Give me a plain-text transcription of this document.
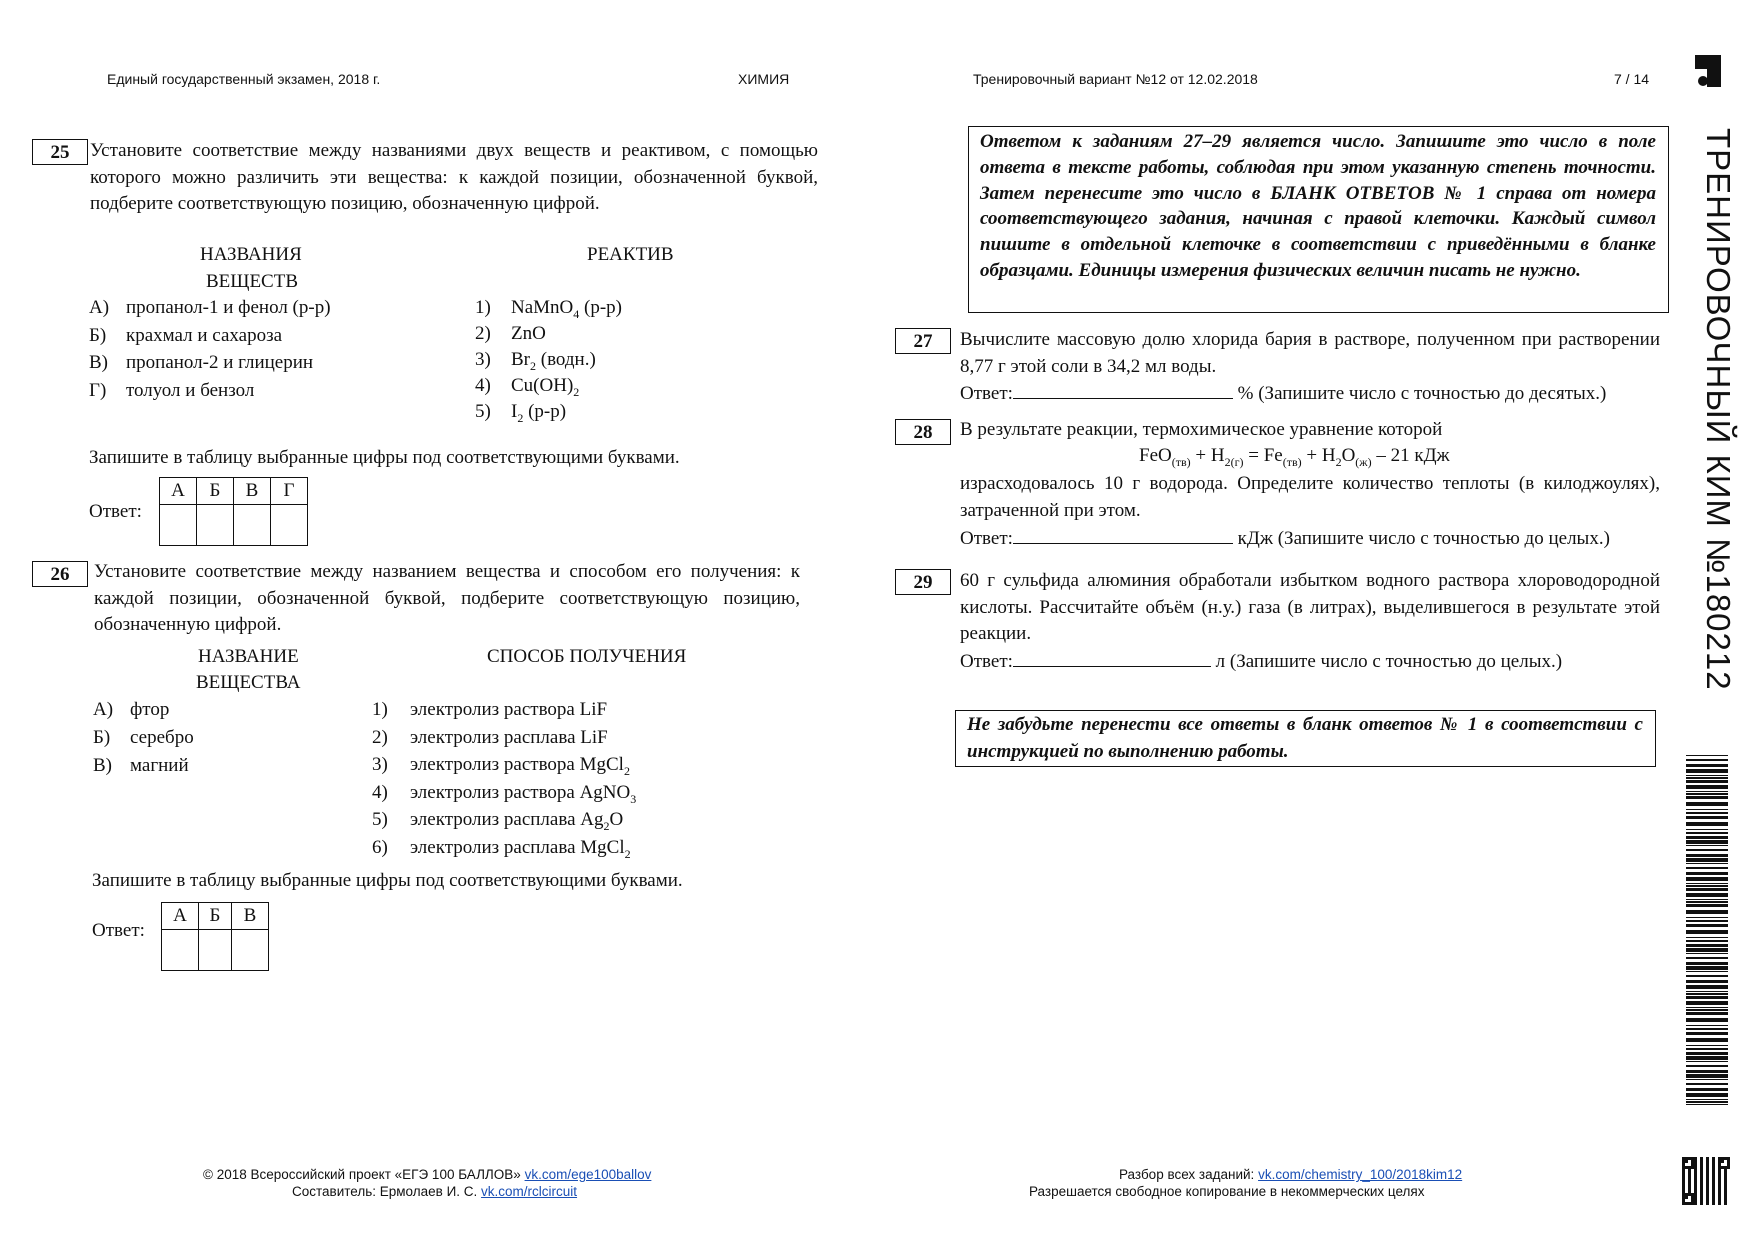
Единый государственный экзамен, 2018 г.	ХИМИЯ	Тренировочный вариант №12 от 12.02.2018	7 / 14
ТРЕНИРОВОЧНЫЙ КИМ №180212
25	Установите соответствие между названиями двух веществ и реактивом, с помощью которого можно различить эти вещества: к каждой позиции, обозначенной буквой, подберите соответствующую позицию, обозначенную цифрой.
НАЗВАНИЯ
ВЕЩЕСТВ
РЕАКТИВ
А) пропанол-1 и фенол (р-р)
Б) крахмал и сахароза
В) пропанол-2 и глицерин
Г) толуол и бензол
1) NaMnO$_4$ (р-р)
2) ZnO
3) $Br_2$ (водн.)
4) $Cu(OH)_2$
5) $I_2$ (р-р)
Запишите в таблицу выбранные цифры под соответствующими буквами.
Ответ:
А	Б	В	Г

26	Установите соответствие между названием вещества и способом его получения: к каждой позиции, обозначенной буквой, подберите соответствующую позицию, обозначенную цифрой.
НАЗВАНИЕ
ВЕЩЕСТВА
СПОСОБ ПОЛУЧЕНИЯ
А) фтор
Б) серебро
В) магний
1) электролиз раствора LiF
2) электролиз расплава LiF
3) электролиз раствора MgCl$_2$
4) электролиз раствора AgNO$_3$
5) электролиз расплава $Ag_2O$
6) электролиз расплава MgCl$_2$
Запишите в таблицу выбранные цифры под соответствующими буквами.
Ответ:
А	Б	В

Ответом к заданиям 27–29 является число. Запишите это число в поле ответа в тексте работы, соблюдая при этом указанную степень точности. Затем перенесите это число в БЛАНК ОТВЕТОВ № 1 справа от номера соответствующего задания, начиная с правой клеточки. Каждый символ пишите в отдельной клеточке в соответствии с приведёнными в бланке образцами. Единицы измерения физических величин писать не нужно.
27	Вычислите массовую долю хлорида бария в растворе, полученном при растворении 8,77 г этой соли в 34,2 мл воды.
Ответ:	% (Запишите число с точностью до десятых.)
28	В результате реакции, термохимическое уравнение которой
$FeO_{(тв)} + H_{2(г)} = Fe_{(тв)} + H_2O_{(ж)} - 21$ кДж
израсходовалось 10 г водорода. Определите количество теплоты (в килоджоулях), затраченной при этом.
Ответ:	кДж (Запишите число с точностью до целых.)
29	60 г сульфида алюминия обработали избытком водного раствора хлороводородной кислоты. Рассчитайте объём (н.у.) газа (в литрах), выделившегося в результате этой реакции.
Ответ:	л (Запишите число с точностью до целых.)
Не забудьте перенести все ответы в бланк ответов № 1 в соответствии с инструкцией по выполнению работы.
© 2018 Всероссийский проект «ЕГЭ 100 БАЛЛОВ» vk.com/ege100ballov
Составитель: Ермолаев И. С. vk.com/rclcircuit
Разбор всех заданий: vk.com/chemistry_100/2018kim12
Разрешается свободное копирование в некоммерческих целях
